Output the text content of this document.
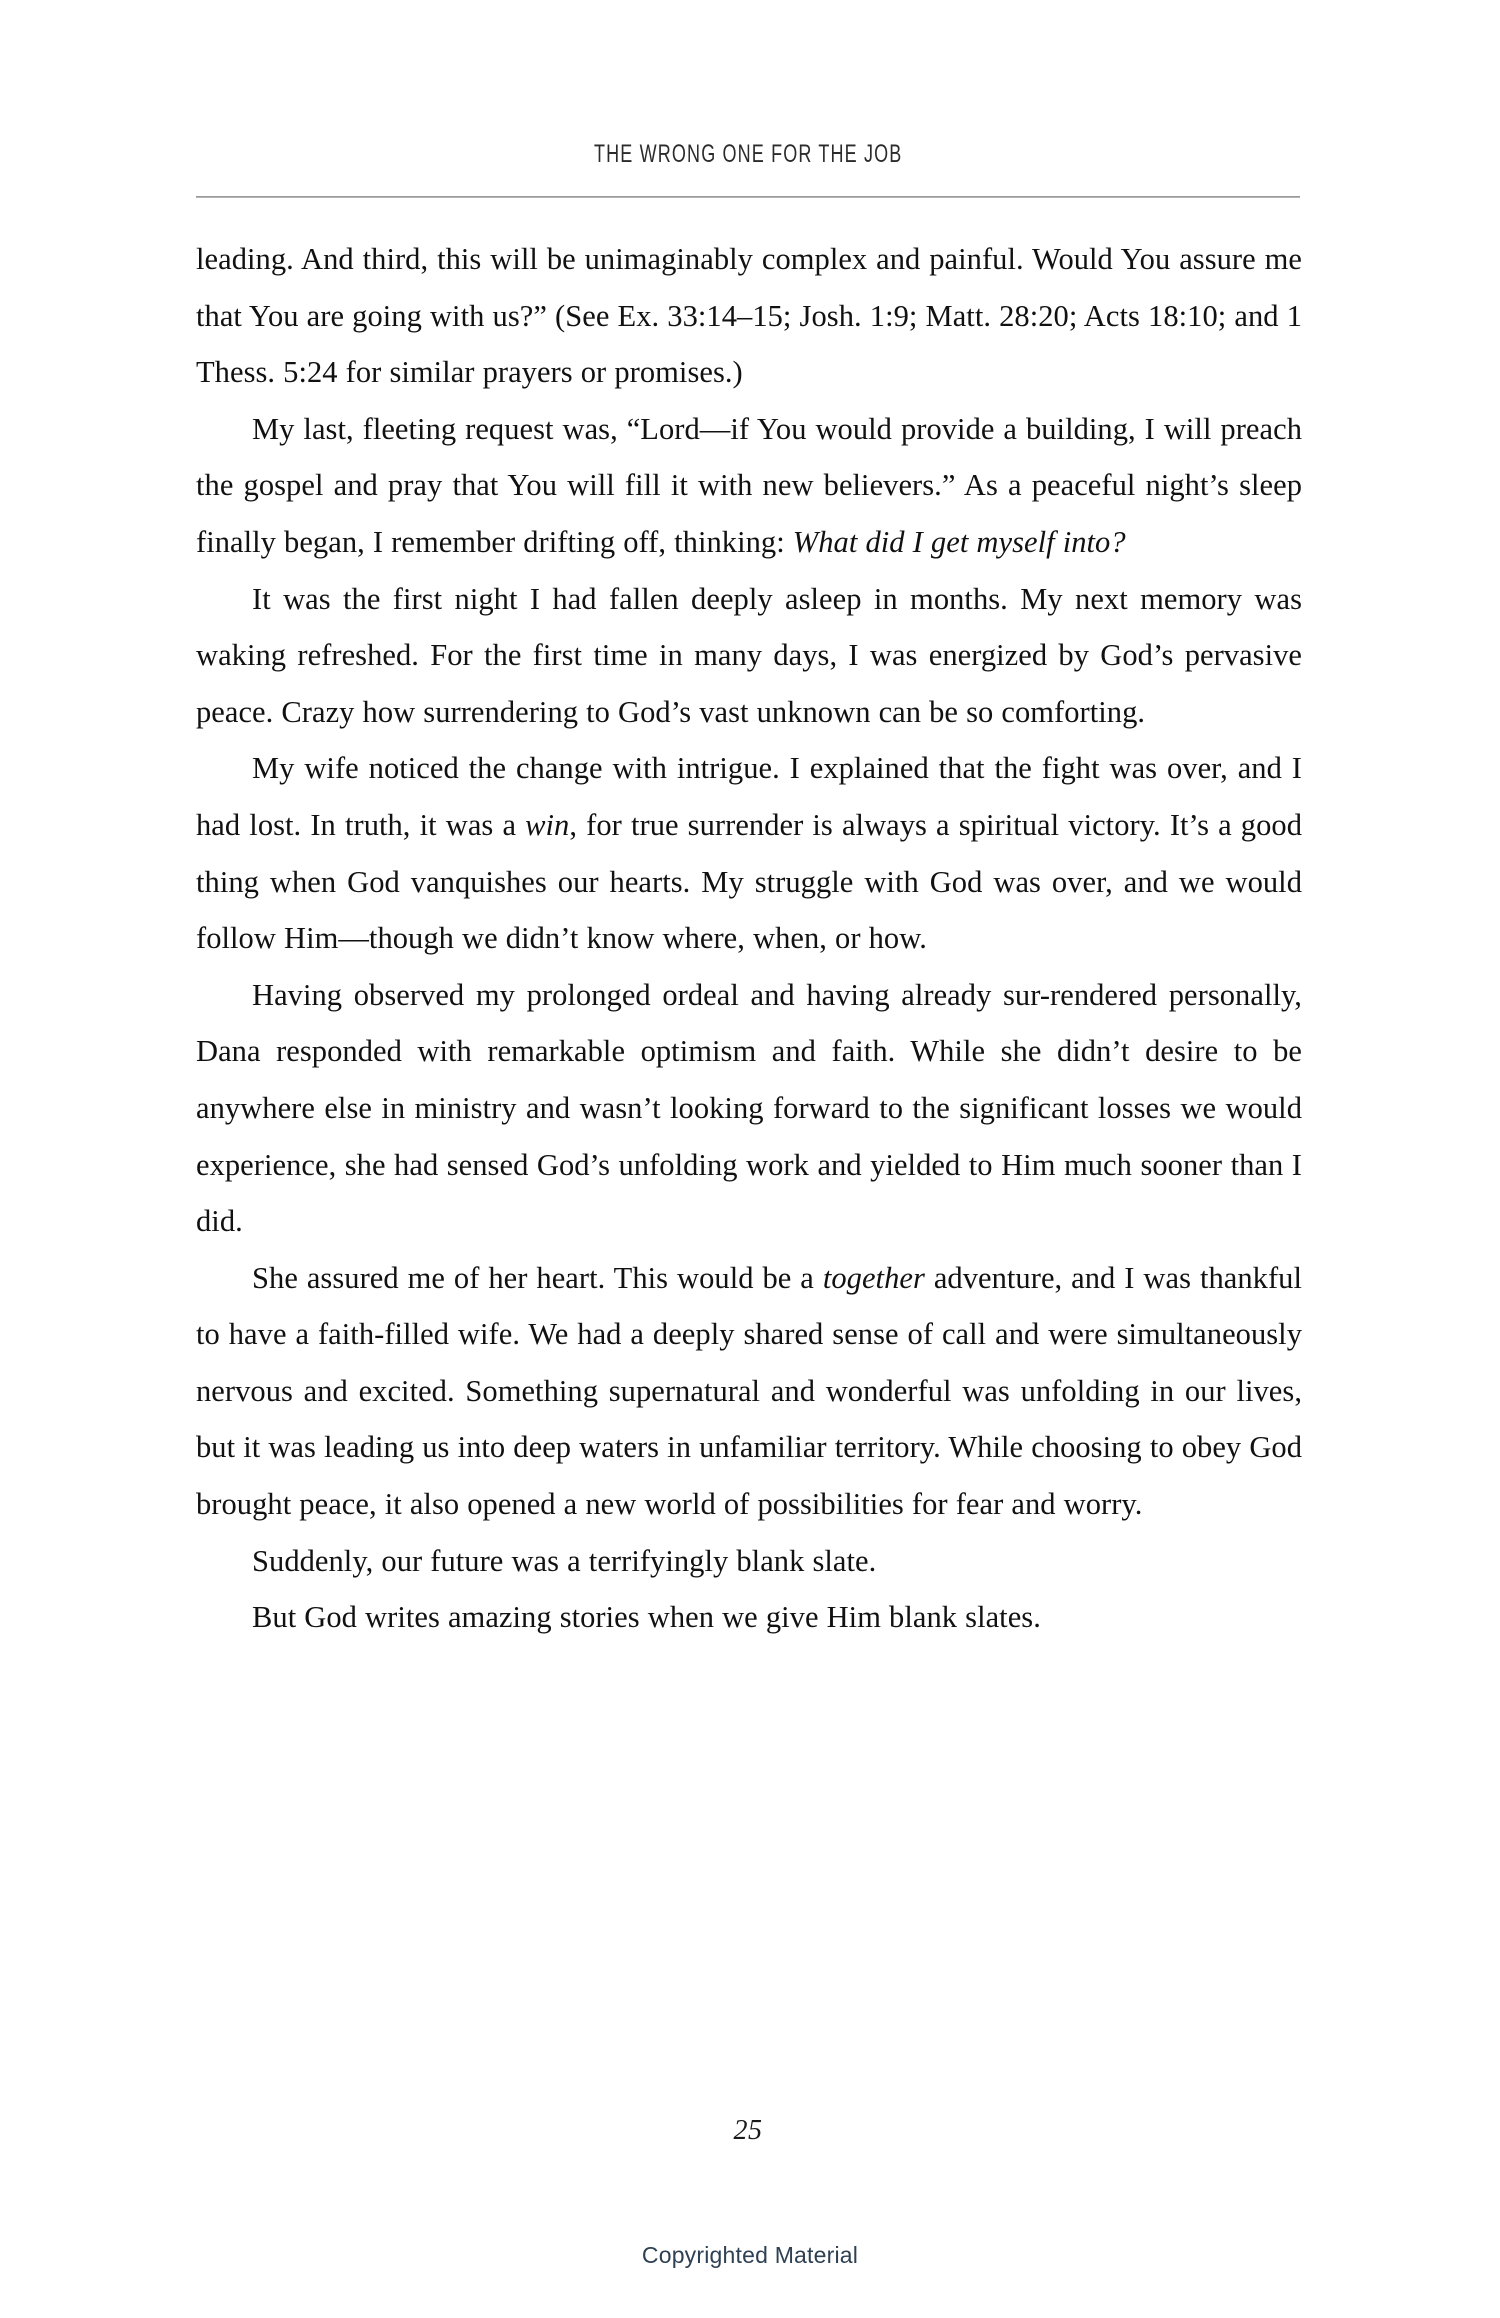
THE WRONG ONE FOR THE JOB

leading. And third, this will be unimaginably complex and painful. Would You assure me that You are going with us?” (See Ex. 33:14–15; Josh. 1:9; Matt. 28:20; Acts 18:10; and 1 Thess. 5:24 for similar prayers or promises.)

My last, fleeting request was, “Lord—if You would provide a building, I will preach the gospel and pray that You will fill it with new believers.” As a peaceful night’s sleep finally began, I remember drifting off, thinking: What did I get myself into?

It was the first night I had fallen deeply asleep in months. My next memory was waking refreshed. For the first time in many days, I was energized by God’s pervasive peace. Crazy how surrendering to God’s vast unknown can be so comforting.

My wife noticed the change with intrigue. I explained that the fight was over, and I had lost. In truth, it was a win, for true surrender is always a spiritual victory. It’s a good thing when God vanquishes our hearts. My struggle with God was over, and we would follow Him—though we didn’t know where, when, or how.

Having observed my prolonged ordeal and having already sur-rendered personally, Dana responded with remarkable optimism and faith. While she didn’t desire to be anywhere else in ministry and wasn’t looking forward to the significant losses we would experience, she had sensed God’s unfolding work and yielded to Him much sooner than I did.

She assured me of her heart. This would be a together adventure, and I was thankful to have a faith-filled wife. We had a deeply shared sense of call and were simultaneously nervous and excited. Something supernatural and wonderful was unfolding in our lives, but it was leading us into deep waters in unfamiliar territory. While choosing to obey God brought peace, it also opened a new world of possibilities for fear and worry.

Suddenly, our future was a terrifyingly blank slate.

But God writes amazing stories when we give Him blank slates.

25
Copyrighted Material
